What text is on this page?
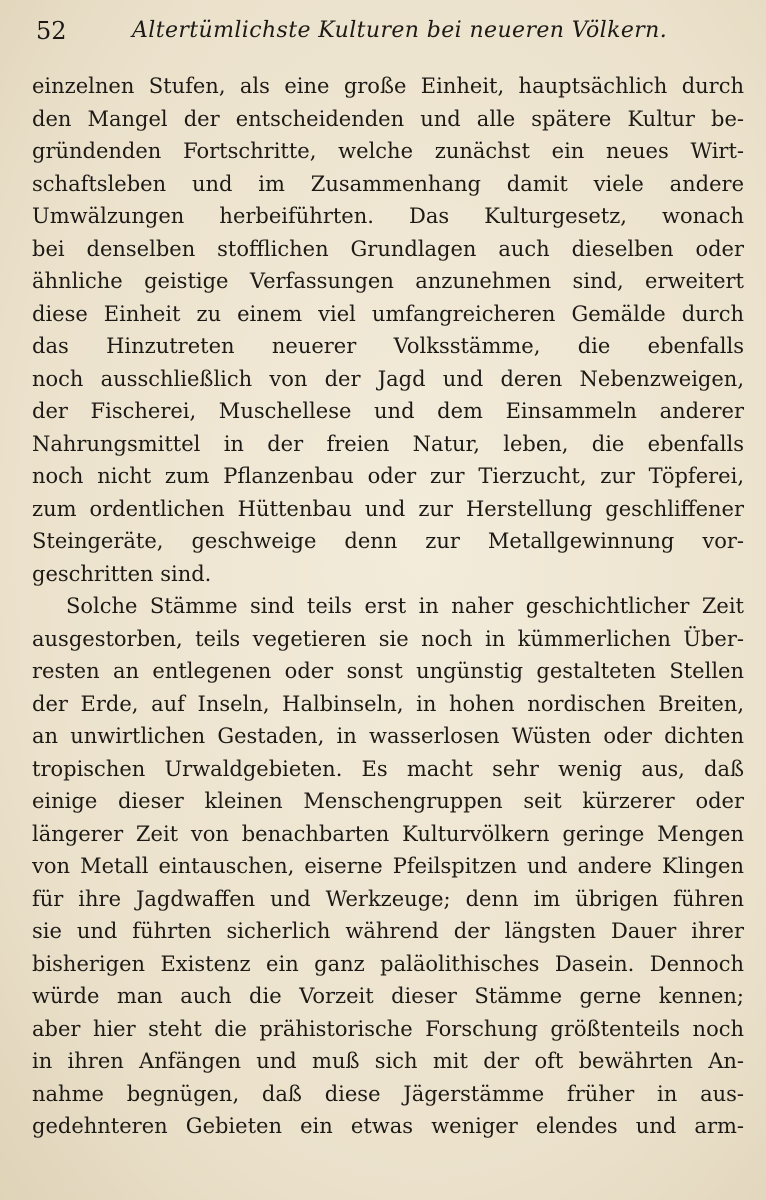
52	Altertümlichste Kulturen bei neueren Völkern.
einzelnen Stufen, als eine große Einheit, hauptsächlich durch
den Mangel der entscheidenden und alle spätere Kultur be-
gründenden Fortschritte, welche zunächst ein neues Wirt-
schaftsleben und im Zusammenhang damit viele andere
Umwälzungen herbeiführten. Das Kulturgesetz, wonach
bei denselben stofflichen Grundlagen auch dieselben oder
ähnliche geistige Verfassungen anzunehmen sind, erweitert
diese Einheit zu einem viel umfangreicheren Gemälde durch
das Hinzutreten neuerer Volksstämme, die ebenfalls
noch ausschließlich von der Jagd und deren Nebenzweigen,
der Fischerei, Muschellese und dem Einsammeln anderer
Nahrungsmittel in der freien Natur, leben, die ebenfalls
noch nicht zum Pflanzenbau oder zur Tierzucht, zur Töpferei,
zum ordentlichen Hüttenbau und zur Herstellung geschliffener
Steingeräte, geschweige denn zur Metallgewinnung vor-
geschritten sind.
Solche Stämme sind teils erst in naher geschichtlicher Zeit
ausgestorben, teils vegetieren sie noch in kümmerlichen Über-
resten an entlegenen oder sonst ungünstig gestalteten Stellen
der Erde, auf Inseln, Halbinseln, in hohen nordischen Breiten,
an unwirtlichen Gestaden, in wasserlosen Wüsten oder dichten
tropischen Urwaldgebieten. Es macht sehr wenig aus, daß
einige dieser kleinen Menschengruppen seit kürzerer oder
längerer Zeit von benachbarten Kulturvölkern geringe Mengen
von Metall eintauschen, eiserne Pfeilspitzen und andere Klingen
für ihre Jagdwaffen und Werkzeuge; denn im übrigen führen
sie und führten sicherlich während der längsten Dauer ihrer
bisherigen Existenz ein ganz paläolithisches Dasein. Dennoch
würde man auch die Vorzeit dieser Stämme gerne kennen;
aber hier steht die prähistorische Forschung größtenteils noch
in ihren Anfängen und muß sich mit der oft bewährten An-
nahme begnügen, daß diese Jägerstämme früher in aus-
gedehnteren Gebieten ein etwas weniger elendes und arm-
